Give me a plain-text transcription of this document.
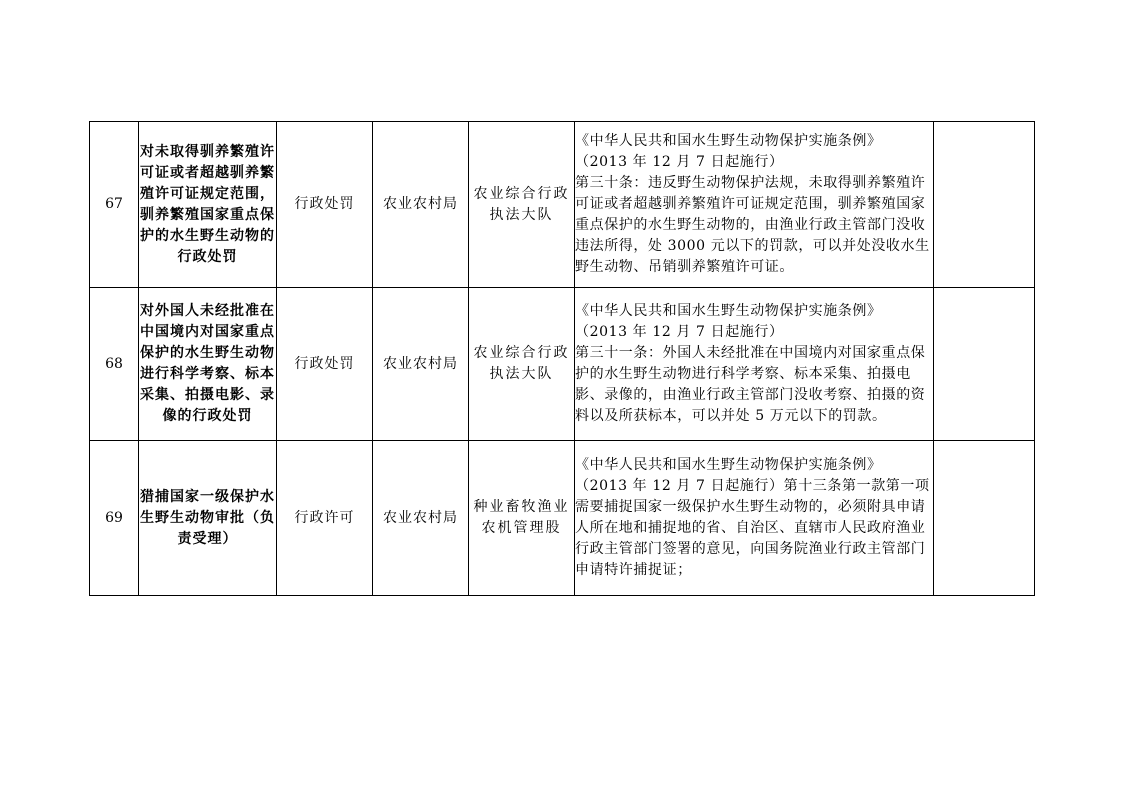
67	对未取得驯养繁殖许可证或者超越驯养繁殖许可证规定范围，驯养繁殖国家重点保护的水生野生动物的行政处罚	行政处罚	农业农村局	农业综合行政执法大队	《中华人民共和国水生野生动物保护实施条例》
（2013 年 12 月 7 日起施行）
第三十条：违反野生动物保护法规，未取得驯养繁殖许可证或者超越驯养繁殖许可证规定范围，驯养繁殖国家重点保护的水生野生动物的，由渔业行政主管部门没收违法所得，处 3000 元以下的罚款，可以并处没收水生野生动物、吊销驯养繁殖许可证。	

68	对外国人未经批准在中国境内对国家重点保护的水生野生动物进行科学考察、标本采集、拍摄电影、录像的行政处罚	行政处罚	农业农村局	农业综合行政执法大队	《中华人民共和国水生野生动物保护实施条例》
（2013 年 12 月 7 日起施行）
第三十一条：外国人未经批准在中国境内对国家重点保护的水生野生动物进行科学考察、标本采集、拍摄电影、录像的，由渔业行政主管部门没收考察、拍摄的资料以及所获标本，可以并处 5 万元以下的罚款。	

69	猎捕国家一级保护水生野生动物审批（负责受理）	行政许可	农业农村局	种业畜牧渔业农机管理股	《中华人民共和国水生野生动物保护实施条例》
（2013 年 12 月 7 日起施行）第十三条第一款第一项
需要捕捉国家一级保护水生野生动物的，必须附具申请人所在地和捕捉地的省、自治区、直辖市人民政府渔业行政主管部门签署的意见，向国务院渔业行政主管部门申请特许捕捉证；	
